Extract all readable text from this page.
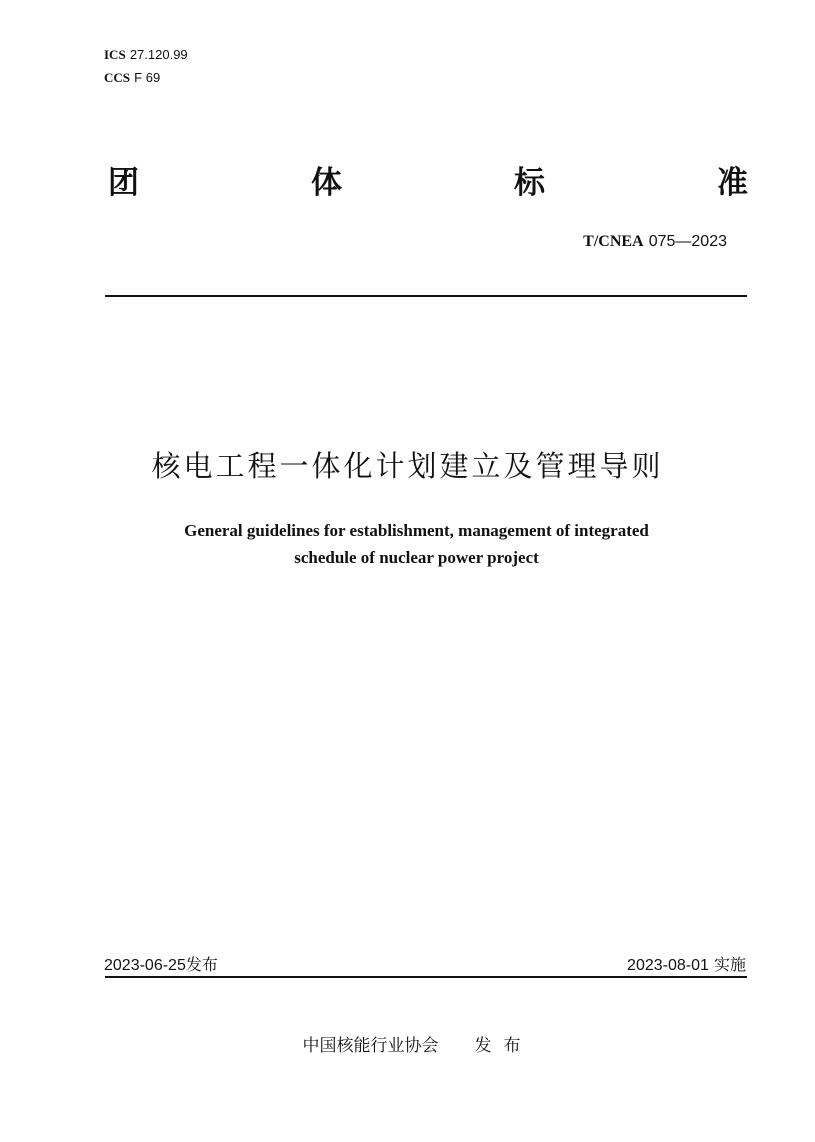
ICS 27.120.99
CCS F 69
团	体	标	准
T/CNEA 075—2023
核电工程一体化计划建立及管理导则
General guidelines for establishment, management of integrated
schedule of nuclear power project
2023-06-25发布	2023-08-01 实施
中国核能行业协会 发布
